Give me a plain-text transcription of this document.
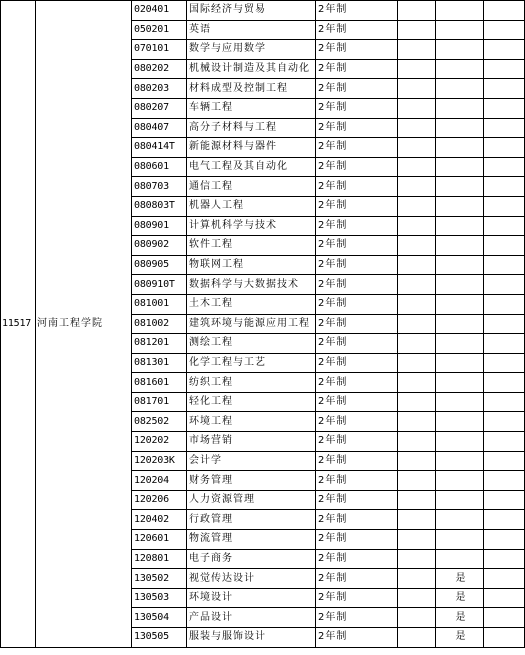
11517	河南工程学院	020401	国际经济与贸易	2年制			
		050201	英语	2年制			
		070101	数学与应用数学	2年制			
		080202	机械设计制造及其自动化	2年制			
		080203	材料成型及控制工程	2年制			
		080207	车辆工程	2年制			
		080407	高分子材料与工程	2年制			
		080414T	新能源材料与器件	2年制			
		080601	电气工程及其自动化	2年制			
		080703	通信工程	2年制			
		080803T	机器人工程	2年制			
		080901	计算机科学与技术	2年制			
		080902	软件工程	2年制			
		080905	物联网工程	2年制			
		080910T	数据科学与大数据技术	2年制			
		081001	土木工程	2年制			
		081002	建筑环境与能源应用工程	2年制			
		081201	测绘工程	2年制			
		081301	化学工程与工艺	2年制			
		081601	纺织工程	2年制			
		081701	轻化工程	2年制			
		082502	环境工程	2年制			
		120202	市场营销	2年制			
		120203K	会计学	2年制			
		120204	财务管理	2年制			
		120206	人力资源管理	2年制			
		120402	行政管理	2年制			
		120601	物流管理	2年制			
		120801	电子商务	2年制			
		130502	视觉传达设计	2年制		是	
		130503	环境设计	2年制		是	
		130504	产品设计	2年制		是	
		130505	服装与服饰设计	2年制		是	
